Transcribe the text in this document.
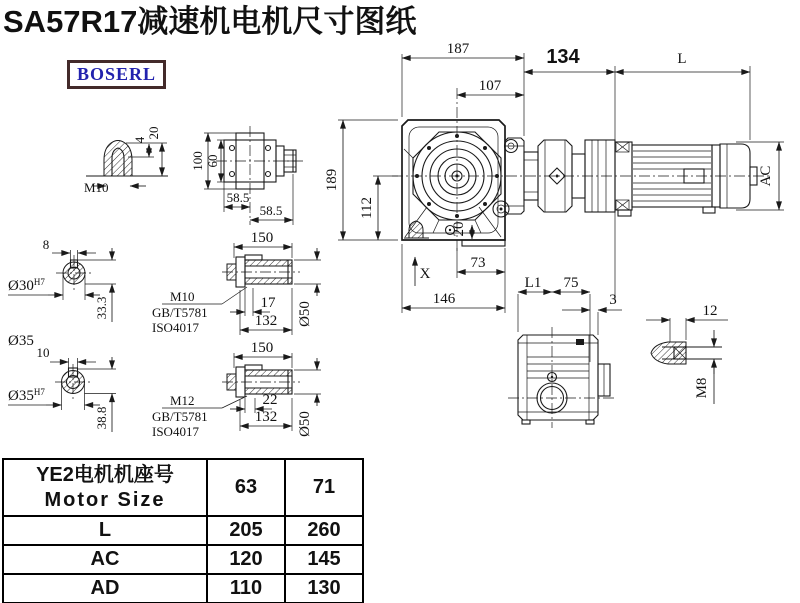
SA57R17减速机电机尺寸图纸
BOSERL
187
107
134	L
189
112
20
X
73
146
AC
4
20
M10
100 60
58.5
58.5
8
$Ø30^{H7}$
33.3
Ø35
10
$Ø35^{H7}$
38.8
150
17
132 Ø50
M10
GB/T5781
ISO4017
150
22
132 Ø50
M12
GB/T5781
ISO4017
L1 75
3
12
M8
YE2电机机座号
Motor Size	63	71
L	205	260
AC	120	145
AD	110	130
